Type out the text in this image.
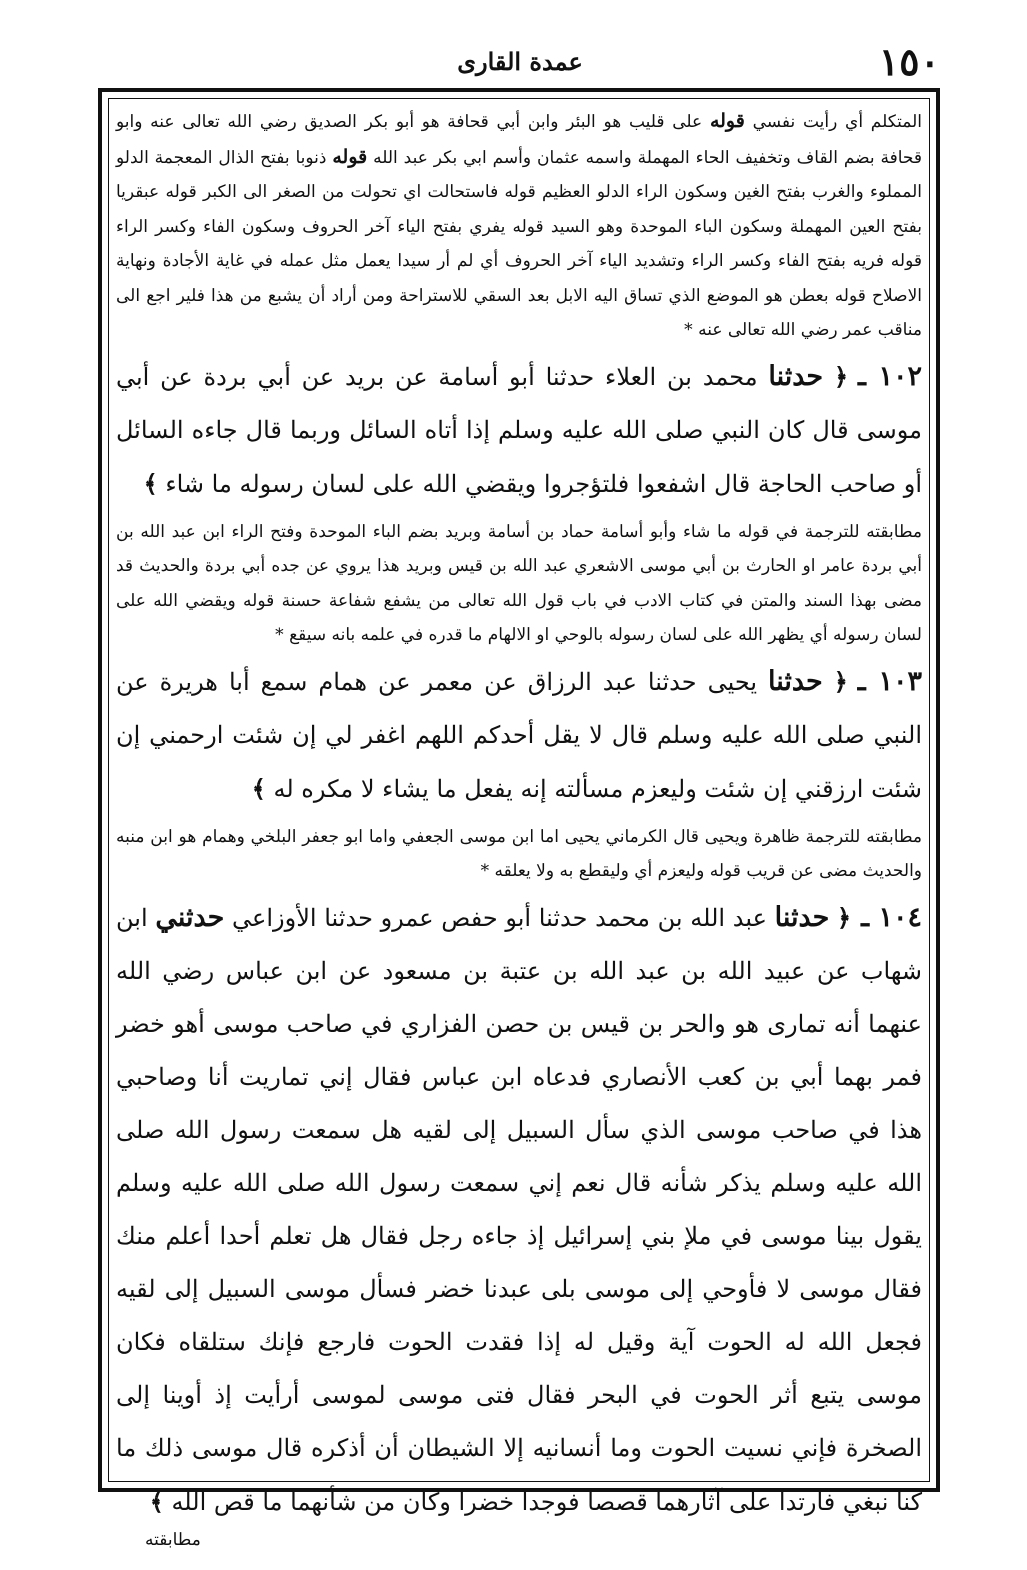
١٥٠
عمدة القاری

المتكلم أي رأيت نفسي قوله على قليب هو البئر وابن أبي قحافة هو أبو بكر الصديق رضي الله تعالى عنه وابو قحافة بضم القاف وتخفيف الحاء المهملة واسمه عثمان وأسم ابي بكر عبد الله قوله ذنوبا بفتح الذال المعجمة الدلو المملوء والغرب بفتح الغين وسكون الراء الدلو العظيم قوله فاستحالت اي تحولت من الصغر الى الكبر قوله عبقريا بفتح العين المهملة وسكون الباء الموحدة وهو السيد قوله يفري بفتح الياء آخر الحروف وسكون الفاء وكسر الراء قوله فريه بفتح الفاء وكسر الراء وتشديد الياء آخر الحروف أي لم أر سيدا يعمل مثل عمله في غاية الأجادة ونهاية الاصلاح قوله بعطن هو الموضع الذي تساق اليه الابل بعد السقي للاستراحة ومن أراد أن يشبع من هذا فلير اجع الى مناقب عمر رضي الله تعالى عنه *

١٠٢ ـ﴿ حدثنا محمد بن العلاء حدثنا أبو أسامة عن بريد عن أبي بردة عن أبي موسى قال كان النبي صلى الله عليه وسلم إذا أتاه السائل وربما قال جاءه السائل أو صاحب الحاجة قال اشفعوا فلتؤجروا ويقضي الله على لسان رسوله ما شاء ﴾

مطابقته للترجمة في قوله ما شاء وأبو أسامة حماد بن أسامة وبريد بضم الباء الموحدة وفتح الراء ابن عبد الله بن أبي بردة عامر او الحارث بن أبي موسى الاشعري عبد الله بن قيس وبريد هذا يروي عن جده أبي بردة والحديث قد مضى بهذا السند والمتن في كتاب الادب في باب قول الله تعالى من يشفع شفاعة حسنة قوله ويقضي الله على لسان رسوله أي يظهر الله على لسان رسوله بالوحي او الالهام ما قدره في علمه بانه سيقع *

١٠٣ ـ﴿ حدثنا يحيى حدثنا عبد الرزاق عن معمر عن همام سمع أبا هريرة عن النبي صلى الله عليه وسلم قال لا يقل أحدكم اللهم اغفر لي إن شئت ارحمني إن شئت ارزقني إن شئت وليعزم مسألته إنه يفعل ما يشاء لا مكره له ﴾

مطابقته للترجمة ظاهرة ويحيى قال الكرماني يحيى اما ابن موسى الجعفي واما ابو جعفر البلخي وهمام هو ابن منبه والحديث مضى عن قريب قوله وليعزم أي وليقطع به ولا يعلقه *

١٠٤ ـ﴿ حدثنا عبد الله بن محمد حدثنا أبو حفص عمرو حدثنا الأوزاعي حدثني ابن شهاب عن عبيد الله بن عبد الله بن عتبة بن مسعود عن ابن عباس رضي الله عنهما أنه تمارى هو والحر بن قيس بن حصن الفزاري في صاحب موسى أهو خضر فمر بهما أبي بن كعب الأنصاري فدعاه ابن عباس فقال إني تماريت أنا وصاحبي هذا في صاحب موسى الذي سأل السبيل إلى لقيه هل سمعت رسول الله صلى الله عليه وسلم يذكر شأنه قال نعم إني سمعت رسول الله صلى الله عليه وسلم يقول بينا موسى في ملإ بني إسرائيل إذ جاءه رجل فقال هل تعلم أحدا أعلم منك فقال موسى لا فأوحي إلى موسى بلى عبدنا خضر فسأل موسى السبيل إلى لقيه فجعل الله له الحوت آية وقيل له إذا فقدت الحوت فارجع فإنك ستلقاه فكان موسى يتبع أثر الحوت في البحر فقال فتى موسى لموسى أرأيت إذ أوينا إلى الصخرة فإني نسيت الحوت وما أنسانيه إلا الشيطان أن أذكره قال موسى ذلك ما كنا نبغي فارتدا على آثارهما قصصا فوجدا خضرا وكان من شأنهما ما قص الله ﴾

مطابقته
